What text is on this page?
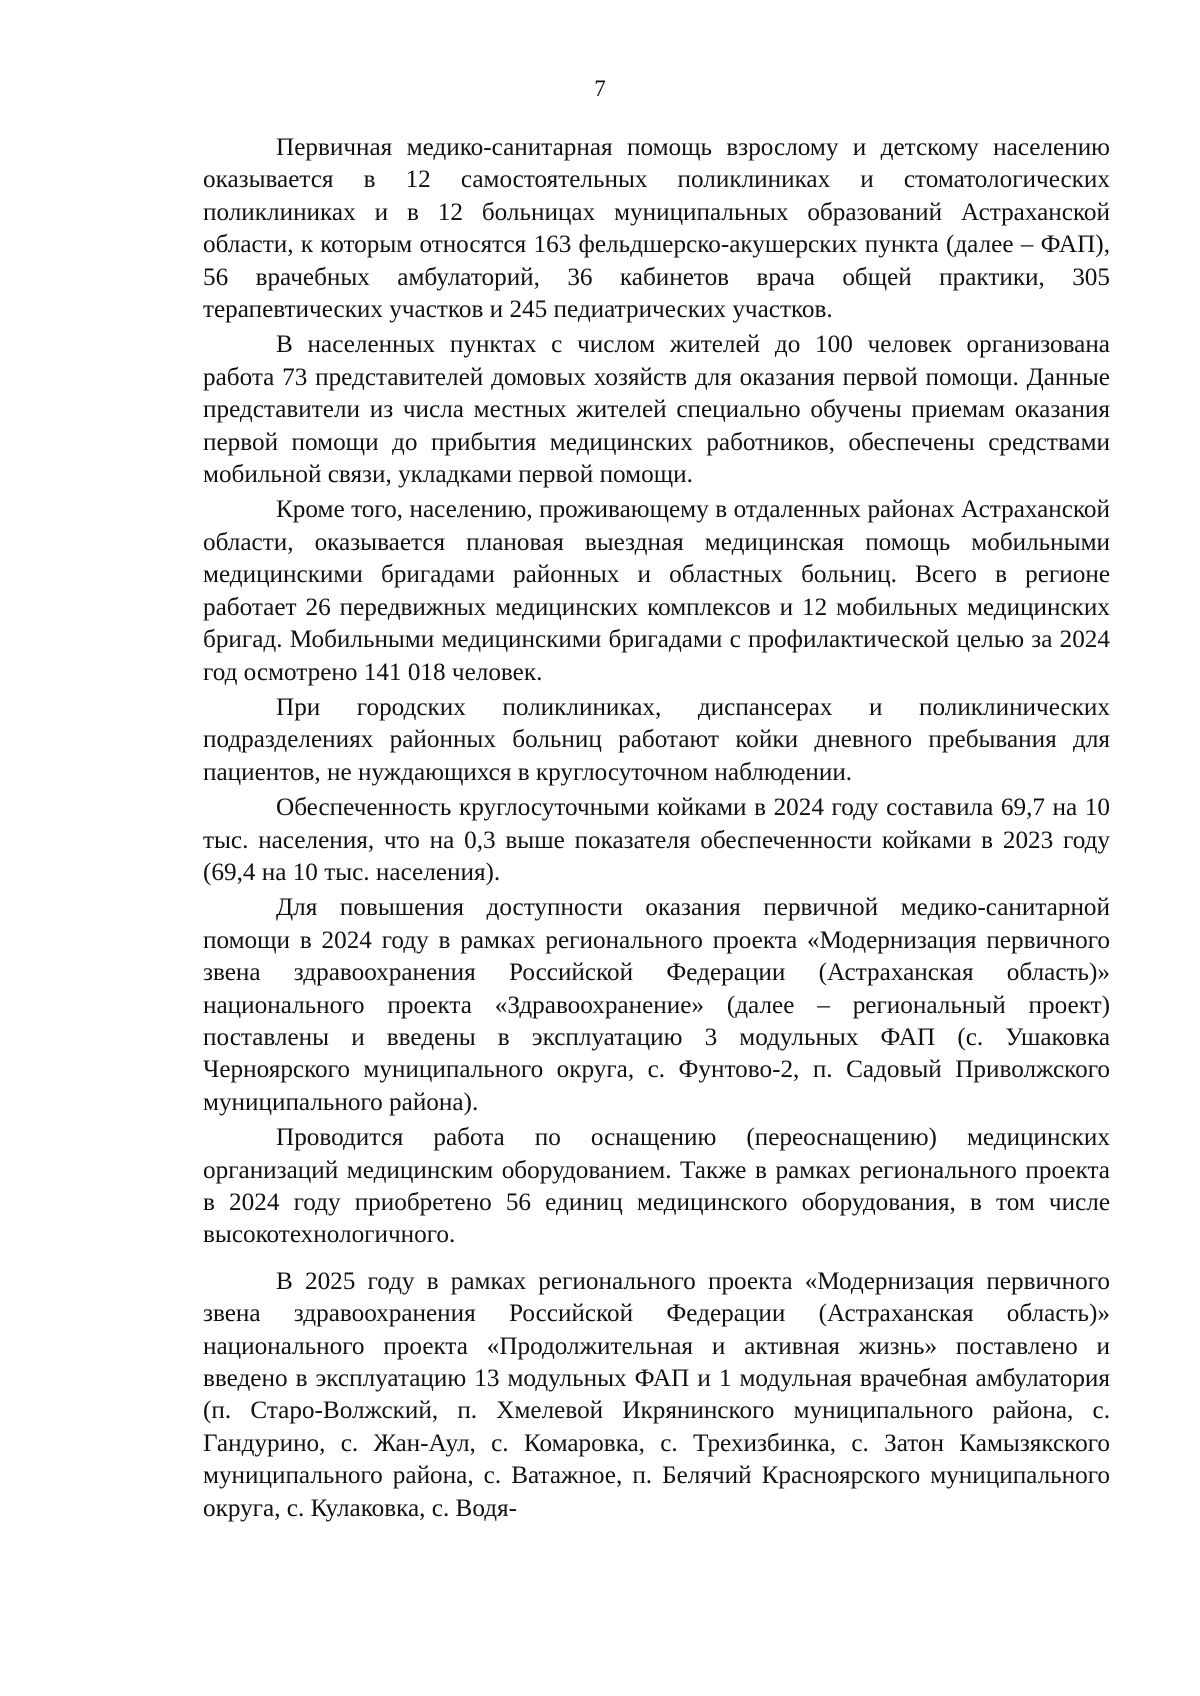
7

Первичная медико-санитарная помощь взрослому и детскому населению оказывается в 12 самостоятельных поликлиниках и стоматологических поликлиниках и в 12 больницах муниципальных образований Астраханской области, к которым относятся 163 фельдшерско-акушерских пункта (далее – ФАП), 56 врачебных амбулаторий, 36 кабинетов врача общей практики, 305 терапевтических участков и 245 педиатрических участков.

В населенных пунктах с числом жителей до 100 человек организована работа 73 представителей домовых хозяйств для оказания первой помощи. Данные представители из числа местных жителей специально обучены приемам оказания первой помощи до прибытия медицинских работников, обеспечены средствами мобильной связи, укладками первой помощи.

Кроме того, населению, проживающему в отдаленных районах Астраханской области, оказывается плановая выездная медицинская помощь мобильными медицинскими бригадами районных и областных больниц. Всего в регионе работает 26 передвижных медицинских комплексов и 12 мобильных медицинских бригад. Мобильными медицинскими бригадами с профилактической целью за 2024 год осмотрено 141 018 человек.

При городских поликлиниках, диспансерах и поликлинических подразделениях районных больниц работают койки дневного пребывания для пациентов, не нуждающихся в круглосуточном наблюдении.

Обеспеченность круглосуточными койками в 2024 году составила 69,7 на 10 тыс. населения, что на 0,3 выше показателя обеспеченности койками в 2023 году (69,4 на 10 тыс. населения).

Для повышения доступности оказания первичной медико-санитарной помощи в 2024 году в рамках регионального проекта «Модернизация первичного звена здравоохранения Российской Федерации (Астраханская область)» национального проекта «Здравоохранение» (далее – региональный проект) поставлены и введены в эксплуатацию 3 модульных ФАП (с. Ушаковка Черноярского муниципального округа, с. Фунтово-2, п. Садовый Приволжского муниципального района).

Проводится работа по оснащению (переоснащению) медицинских организаций медицинским оборудованием. Также в рамках регионального проекта в 2024 году приобретено 56 единиц медицинского оборудования, в том числе высокотехнологичного.

В 2025 году в рамках регионального проекта «Модернизация первичного звена здравоохранения Российской Федерации (Астраханская область)» национального проекта «Продолжительная и активная жизнь» поставлено и введено в эксплуатацию 13 модульных ФАП и 1 модульная врачебная амбулатория (п. Старо-Волжский, п. Хмелевой Икрянинского муниципального района, с. Гандурино, с. Жан-Аул, с. Комаровка, с. Трехизбинка, с. Затон Камызякского муниципального района, с. Ватажное, п. Белячий Красноярского муниципального округа, с. Кулаковка, с. Водя-
